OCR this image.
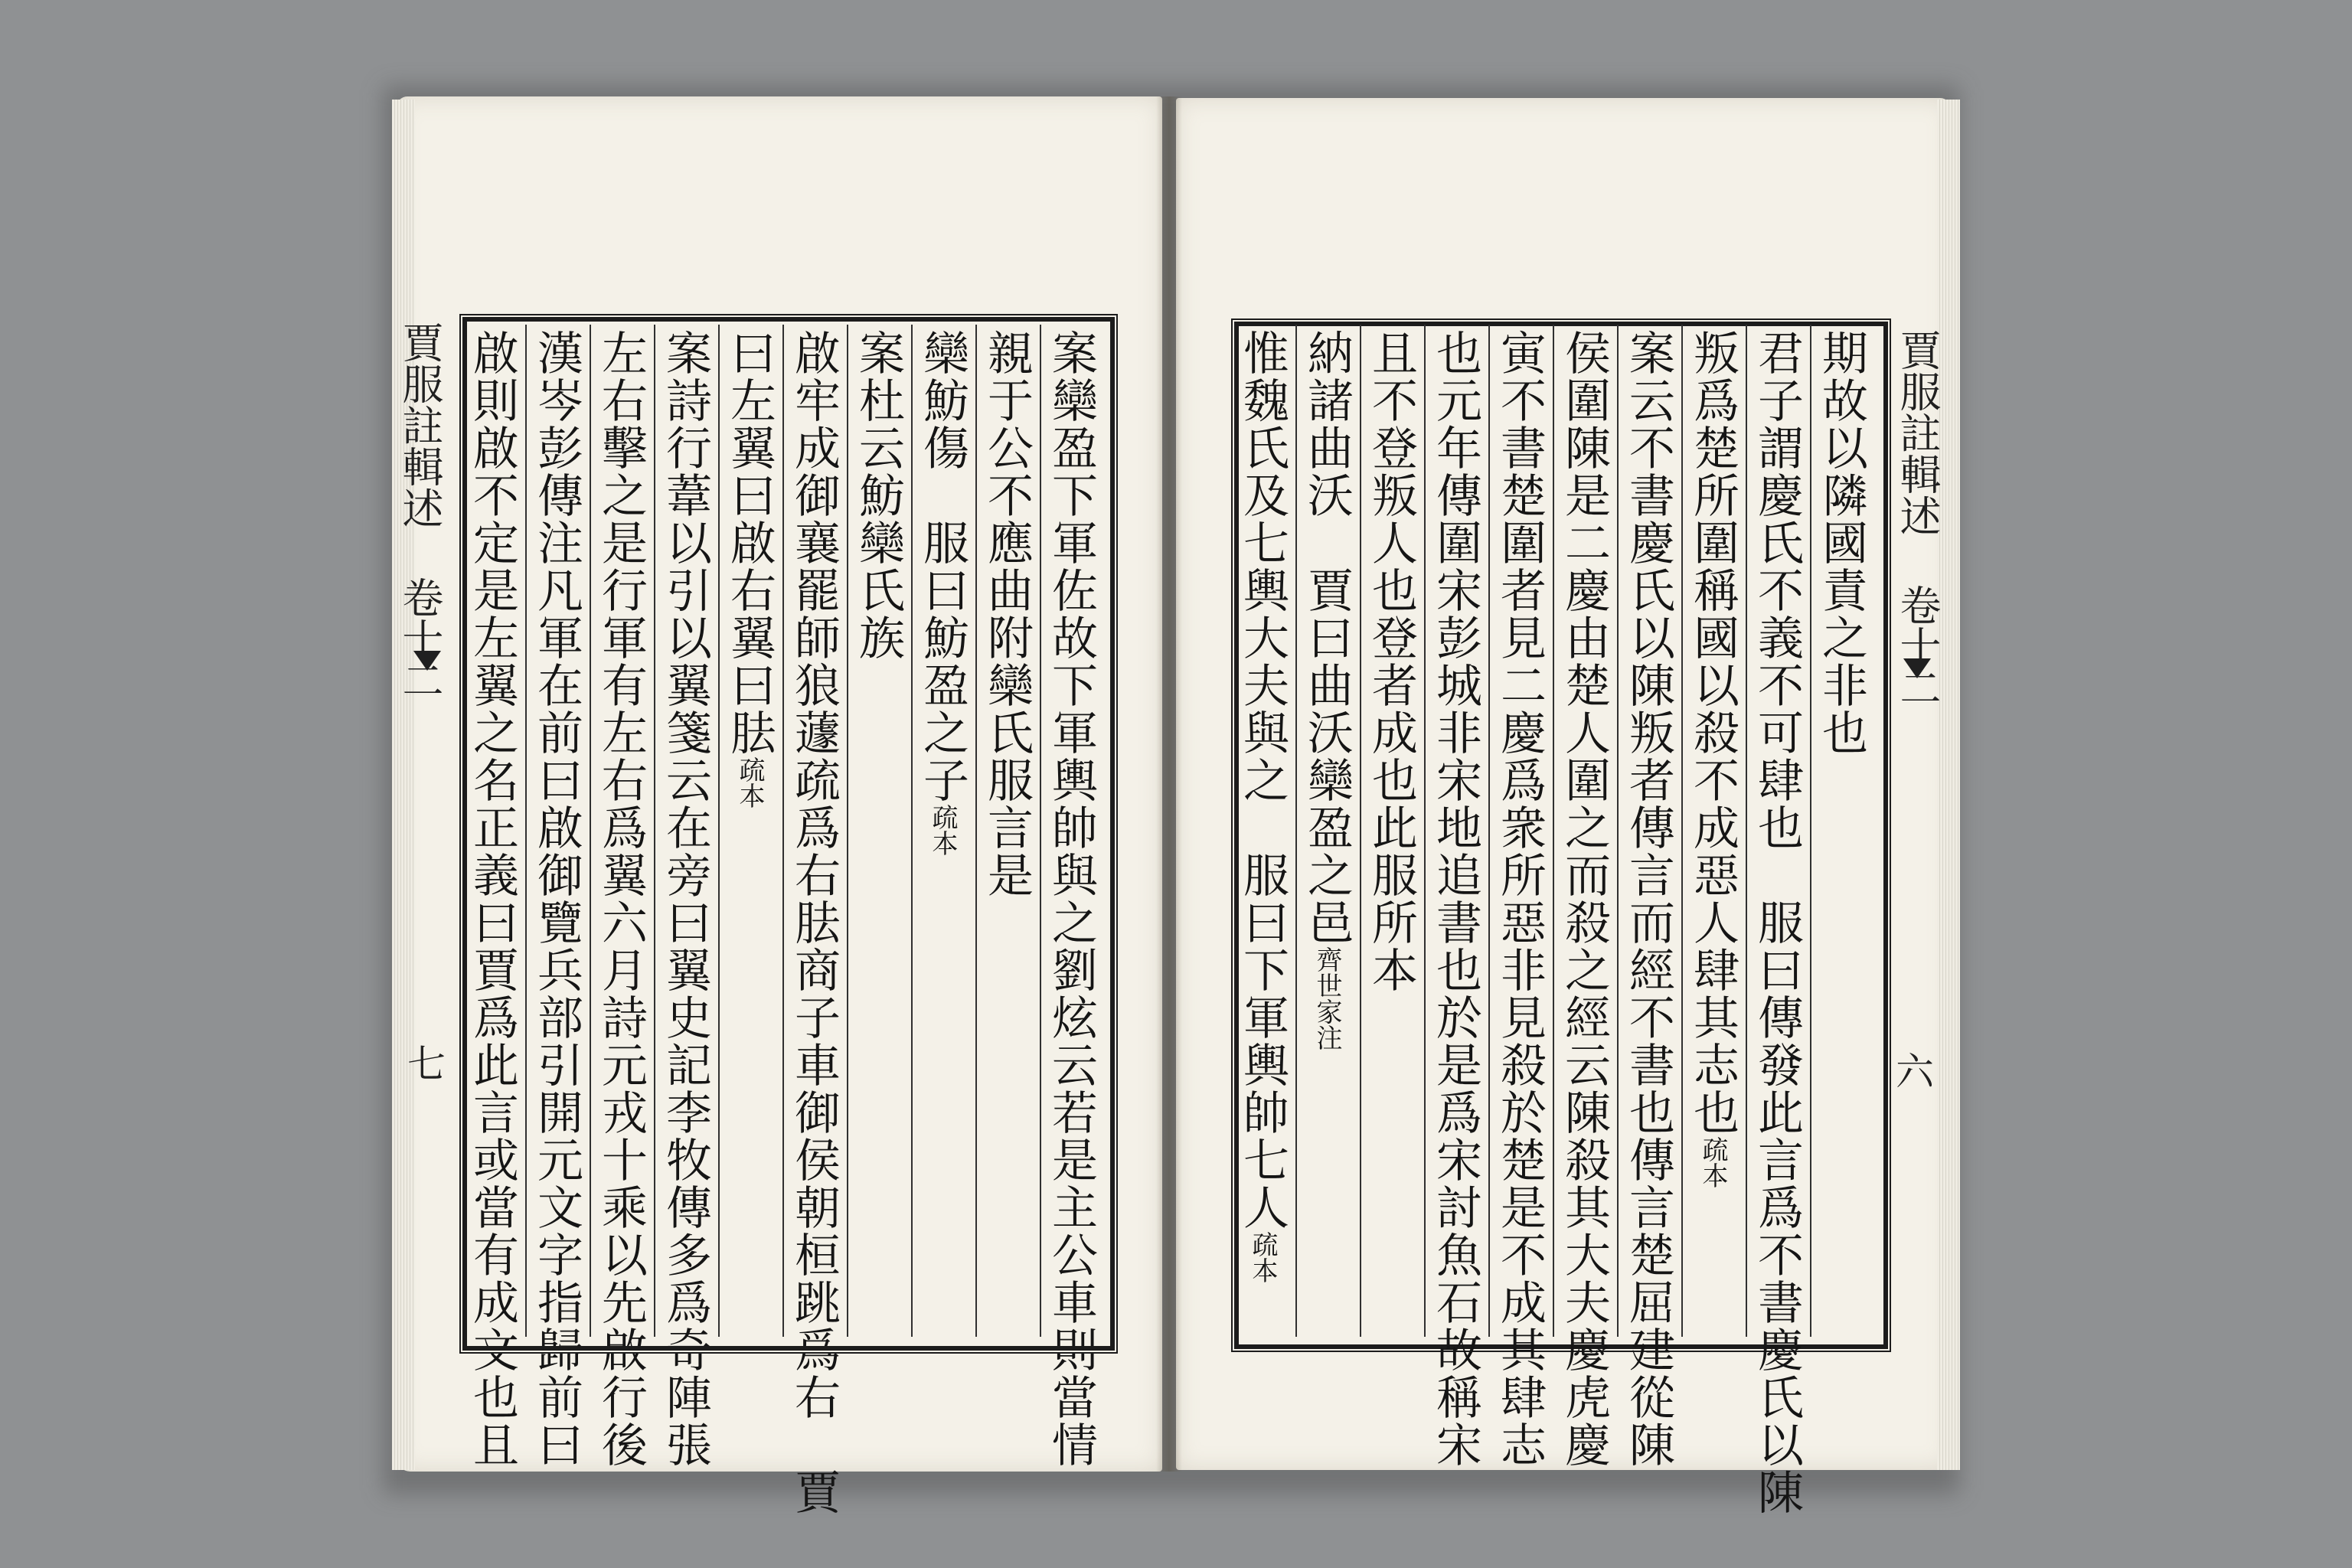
賈服註輯述 卷十二
六
期故以隣國責之非也
君子謂慶氏不義不可肆也　服曰傳發此言爲不書慶氏以陳
叛爲楚所圍稱國以殺不成惡人肆其志也疏本
案云不書慶氏以陳叛者傳言而經不書也傳言楚屈建從陳
侯圍陳是二慶由楚人圍之而殺之經云陳殺其大夫慶虎慶
寅不書楚圍者見二慶爲衆所惡非見殺於楚是不成其肆志
也元年傳圍宋彭城非宋地追書也於是爲宋討魚石故稱宋
且不登叛人也登者成也此服所本
納諸曲沃　賈曰曲沃欒盈之邑齊世家注
惟魏氏及七輿大夫與之　服曰下軍輿帥七人疏本
案欒盈下軍佐故下軍輿帥與之劉炫云若是主公車則當情
親于公不應曲附欒氏服言是
欒魴傷　服曰魴盈之子疏本
案杜云魴欒氏族
啟牢成御襄罷師狼蘧疏爲右胠商子車御侯朝桓跳爲右　賈
曰左翼曰啟右翼曰胠疏本
案詩行葦以引以翼箋云在旁曰翼史記李牧傳多爲奇陣張
左右擊之是行軍有左右爲翼六月詩元戎十乘以先啟行後
漢岑彭傳注凡軍在前曰啟御覽兵部引開元文字指歸前曰
啟則啟不定是左翼之名正義曰賈爲此言或當有成文也且
賈服註輯述 卷十二
七
